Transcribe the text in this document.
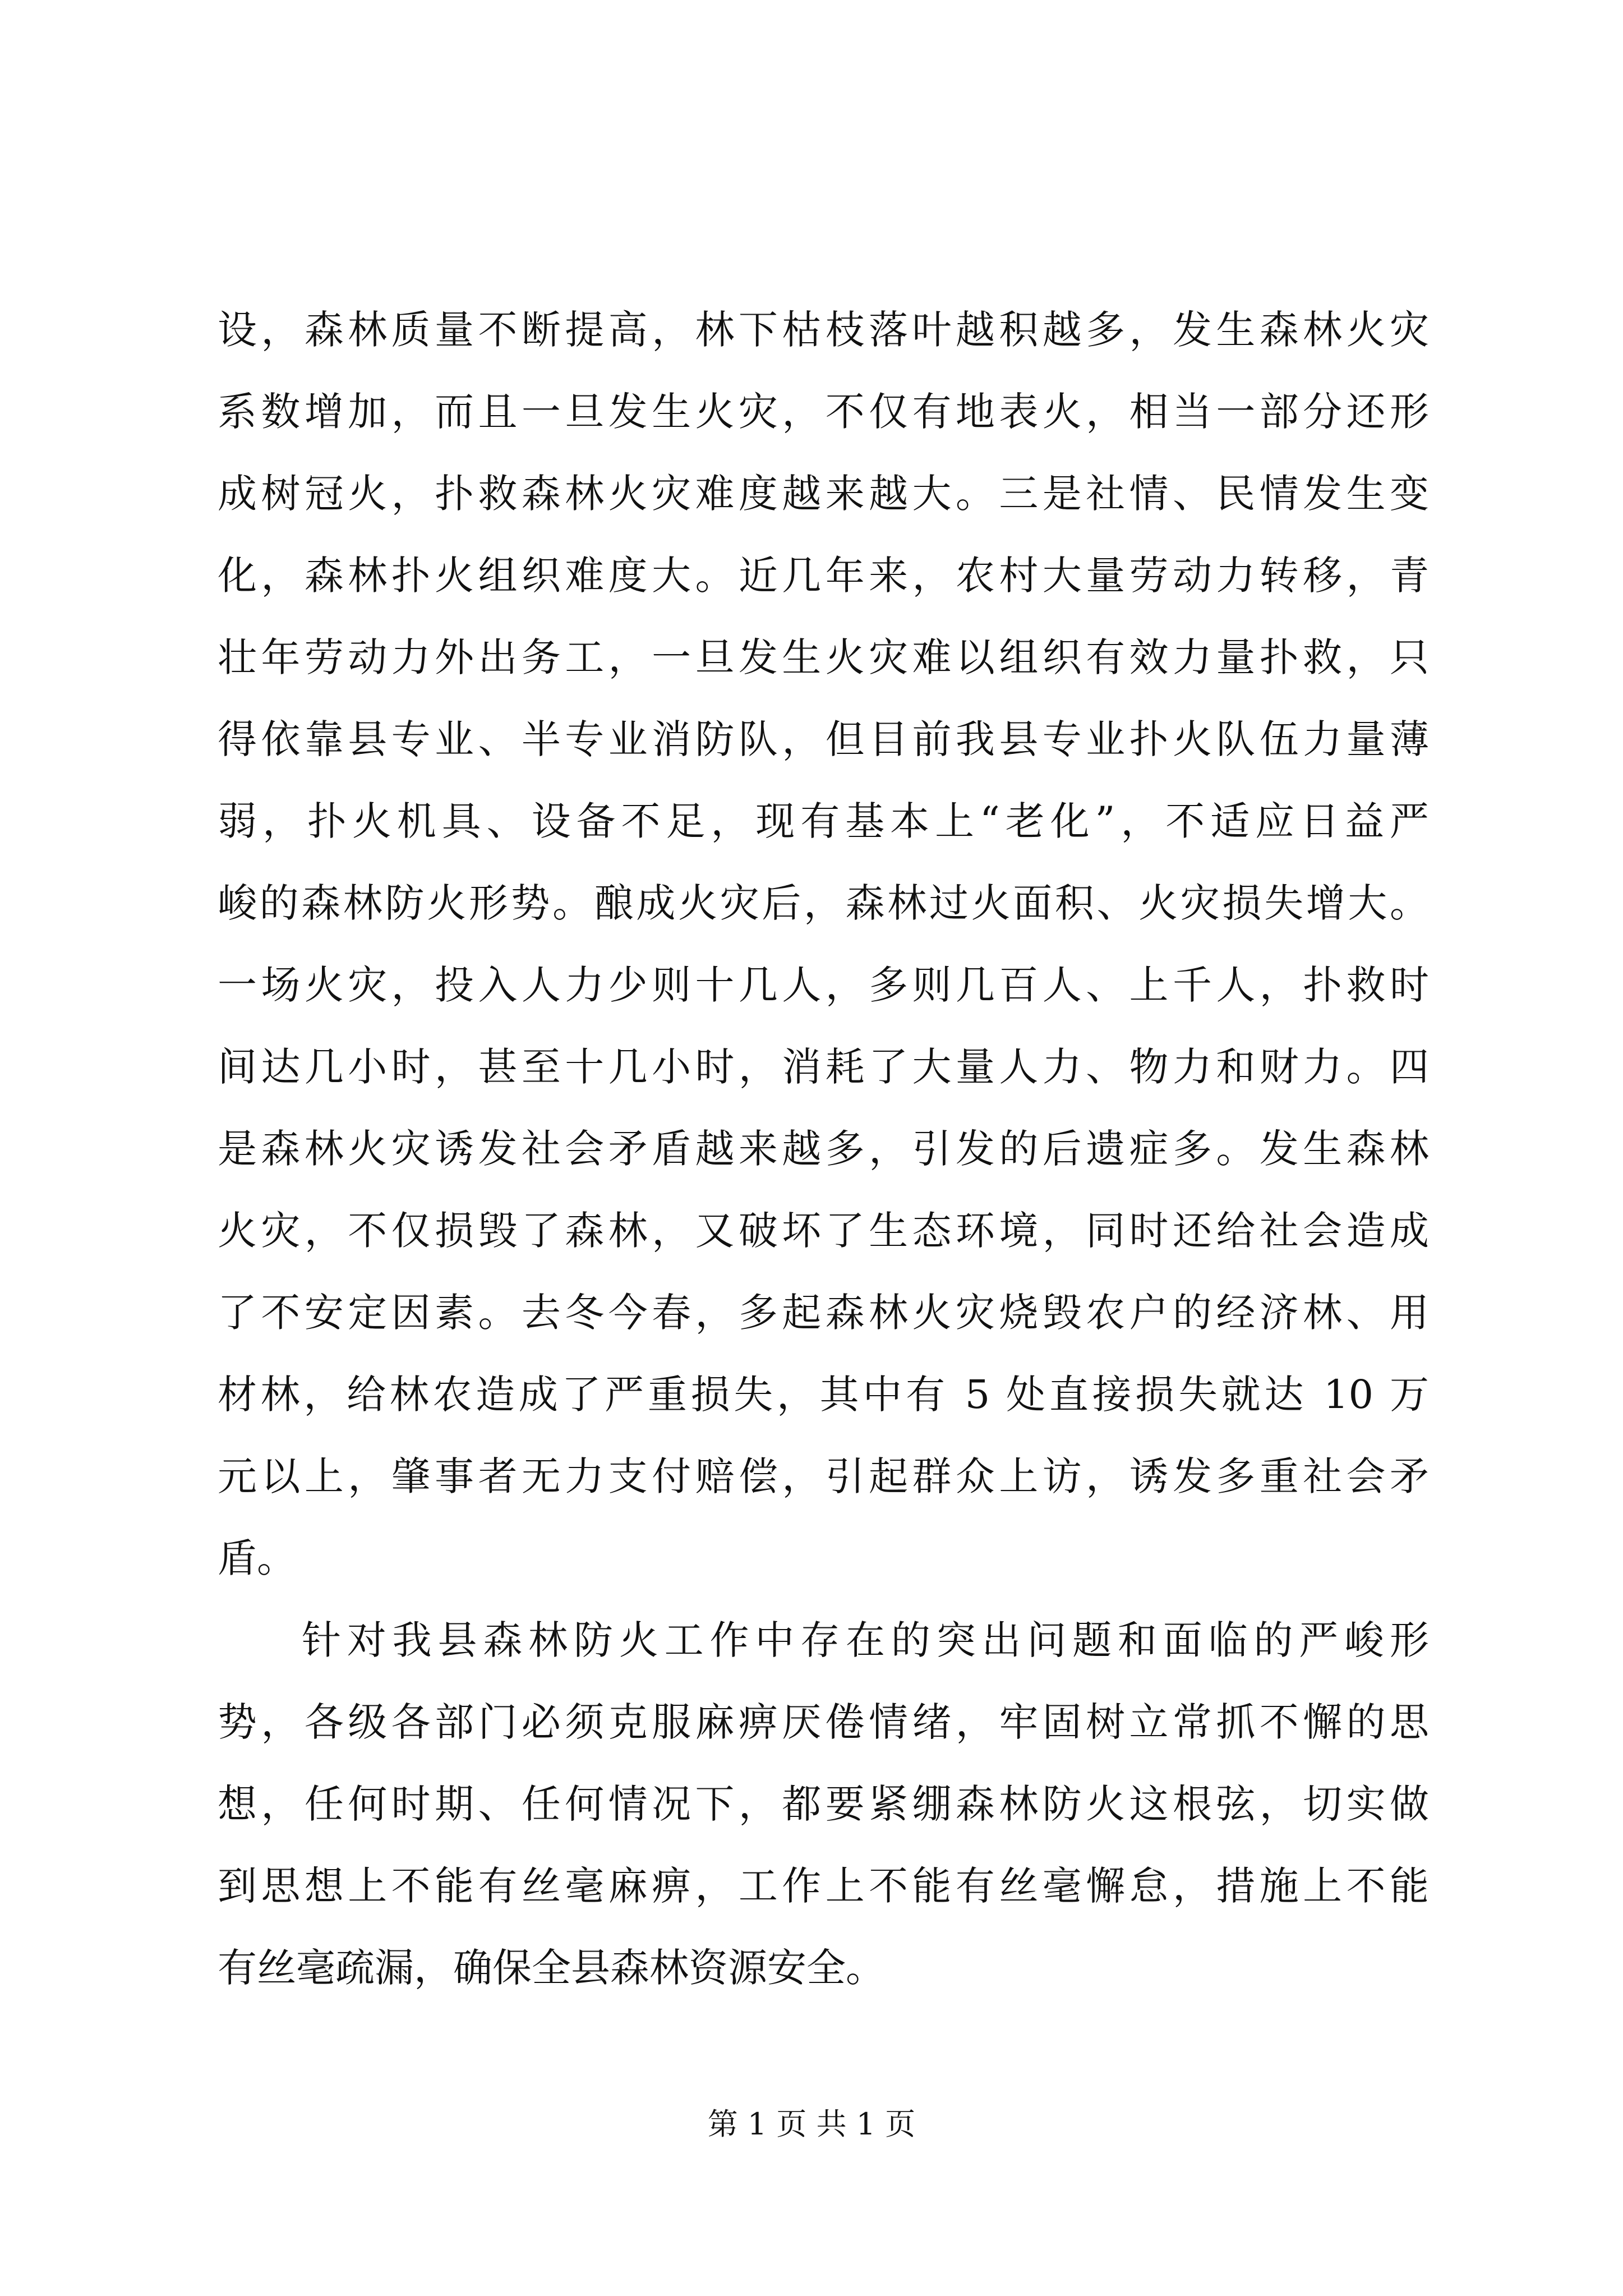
设，森林质量不断提高，林下枯枝落叶越积越多，发生森林火灾
系数增加，而且一旦发生火灾，不仅有地表火，相当一部分还形
成树冠火，扑救森林火灾难度越来越大。三是社情、民情发生变
化，森林扑火组织难度大。近几年来，农村大量劳动力转移，青
壮年劳动力外出务工，一旦发生火灾难以组织有效力量扑救，只
得依靠县专业、半专业消防队，但目前我县专业扑火队伍力量薄
弱，扑火机具、设备不足，现有基本上“老化”，不适应日益严
峻的森林防火形势。酿成火灾后，森林过火面积、火灾损失增大。
一场火灾，投入人力少则十几人，多则几百人、上千人，扑救时
间达几小时，甚至十几小时，消耗了大量人力、物力和财力。四
是森林火灾诱发社会矛盾越来越多，引发的后遗症多。发生森林
火灾，不仅损毁了森林，又破坏了生态环境，同时还给社会造成
了不安定因素。去冬今春，多起森林火灾烧毁农户的经济林、用
材林，给林农造成了严重损失，其中有 5 处直接损失就达 10 万
元以上，肇事者无力支付赔偿，引起群众上访，诱发多重社会矛
盾。
针对我县森林防火工作中存在的突出问题和面临的严峻形
势，各级各部门必须克服麻痹厌倦情绪，牢固树立常抓不懈的思
想，任何时期、任何情况下，都要紧绷森林防火这根弦，切实做
到思想上不能有丝毫麻痹，工作上不能有丝毫懈怠，措施上不能
有丝毫疏漏，确保全县森林资源安全。
第 1 页 共 1 页
